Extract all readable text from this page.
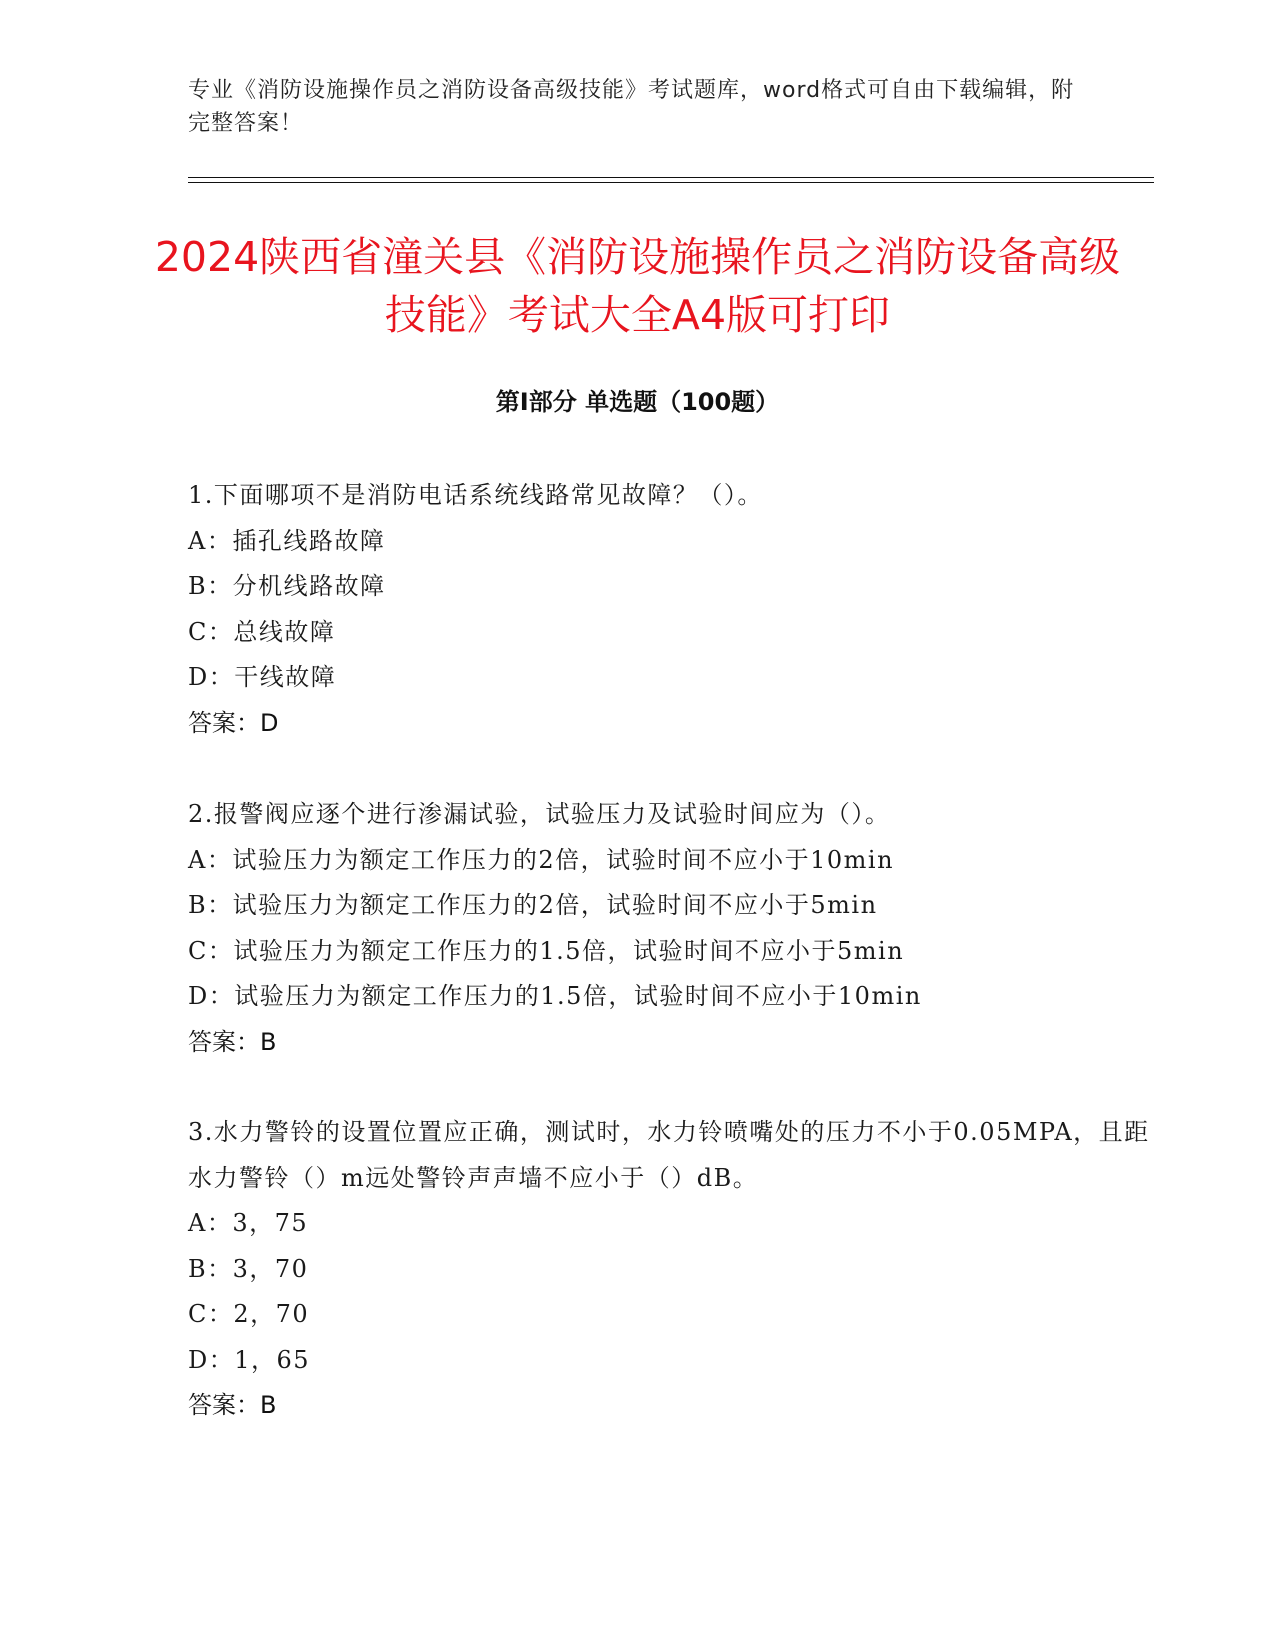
专业《消防设施操作员之消防设备高级技能》考试题库，word格式可自由下载编辑，附完整答案！
2024陕西省潼关县《消防设施操作员之消防设备高级技能》考试大全A4版可打印
第Ⅰ部分 单选题（100题）

1.下面哪项不是消防电话系统线路常见故障？（）。

A：插孔线路故障

B：分机线路故障

C：总线故障

D：干线故障

答案：D

2.报警阀应逐个进行渗漏试验，试验压力及试验时间应为（）。

A：试验压力为额定工作压力的2倍，试验时间不应小于10min

B：试验压力为额定工作压力的2倍，试验时间不应小于5min

C：试验压力为额定工作压力的1.5倍，试验时间不应小于5min

D：试验压力为额定工作压力的1.5倍，试验时间不应小于10min

答案：B

3.水力警铃的设置位置应正确，测试时，水力铃喷嘴处的压力不小于0.05MPA，且距水力警铃（）m远处警铃声声墙不应小于（）dB。

A：3，75

B：3，70

C：2，70

D：1，65

答案：B
